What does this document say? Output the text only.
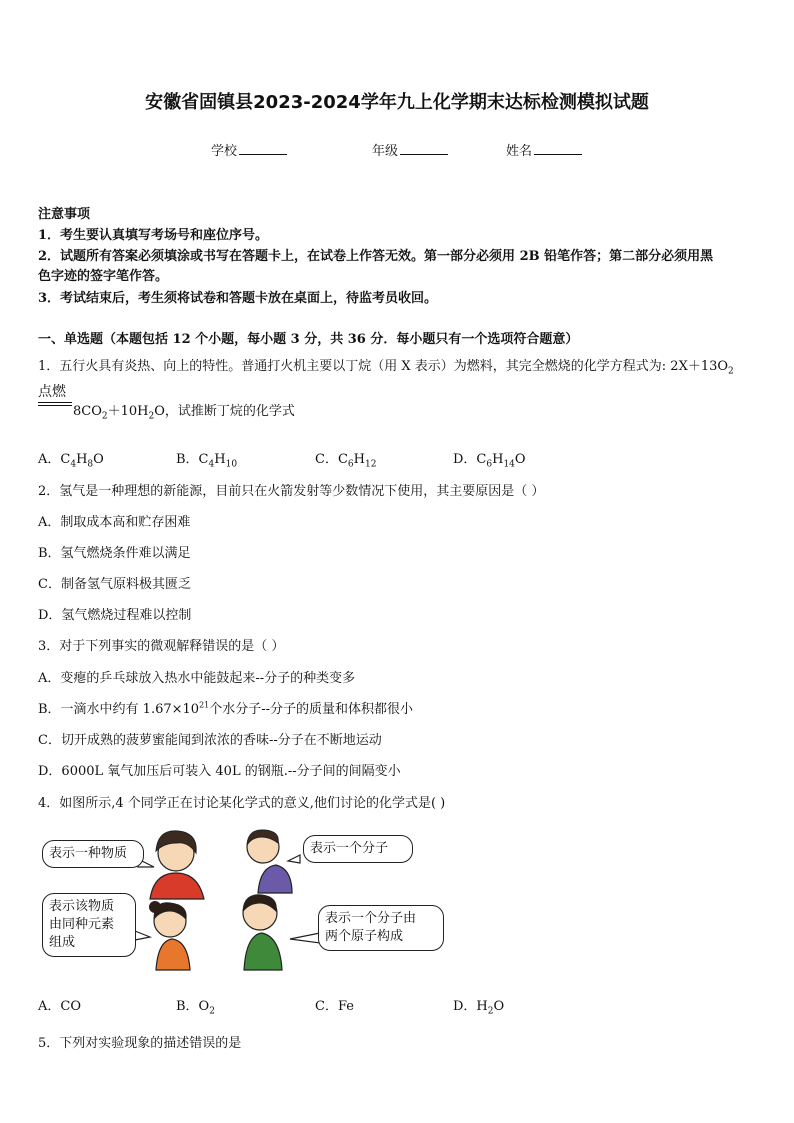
安徽省固镇县2023-2024学年九上化学期末达标检测模拟试题
学校	年级	姓名
注意事项
1．考生要认真填写考场号和座位序号。
2．试题所有答案必须填涂或书写在答题卡上，在试卷上作答无效。第一部分必须用 2B 铅笔作答；第二部分必须用黑
色字迹的签字笔作答。
3．考试结束后，考生须将试卷和答题卡放在桌面上，待监考员收回。
一、单选题（本题包括 12 个小题，每小题 3 分，共 36 分．每小题只有一个选项符合题意）
1．五行火具有炎热、向上的特性。普通打火机主要以丁烷（用 X 表示）为燃料，其完全燃烧的化学方程式为: $2X+13O_2$
点燃
$8CO_2+10H_2O$，试推断丁烷的化学式
A．$C_4H_8O$	B．$C_4H_{10}$	C．$C_6H_{12}$	D．$C_6H_{14}O$
2．氢气是一种理想的新能源，目前只在火箭发射等少数情况下使用，其主要原因是（ ）
A．制取成本高和贮存困难
B．氢气燃烧条件难以满足
C．制备氢气原料极其匮乏
D．氢气燃烧过程难以控制
3．对于下列事实的微观解释错误的是（ ）
A．变瘪的乒乓球放入热水中能鼓起来--分子的种类变多
B．一滴水中约有 $1.67\times 10^{21}$个水分子--分子的质量和体积都很小
C．切开成熟的菠萝蜜能闻到浓浓的香味--分子在不断地运动
D．6000L 氧气加压后可装入 40L 的钢瓶.--分子间的间隔变小
4．如图所示,4 个同学正在讨论某化学式的意义,他们讨论的化学式是( )
表示一种物质	表示一个分子
表示该物质
由同种元素
组成
表示一个分子由
两个原子构成
A．CO	B．$O_2$	C．Fe	D．$H_2O$
5．下列对实验现象的描述错误的是
